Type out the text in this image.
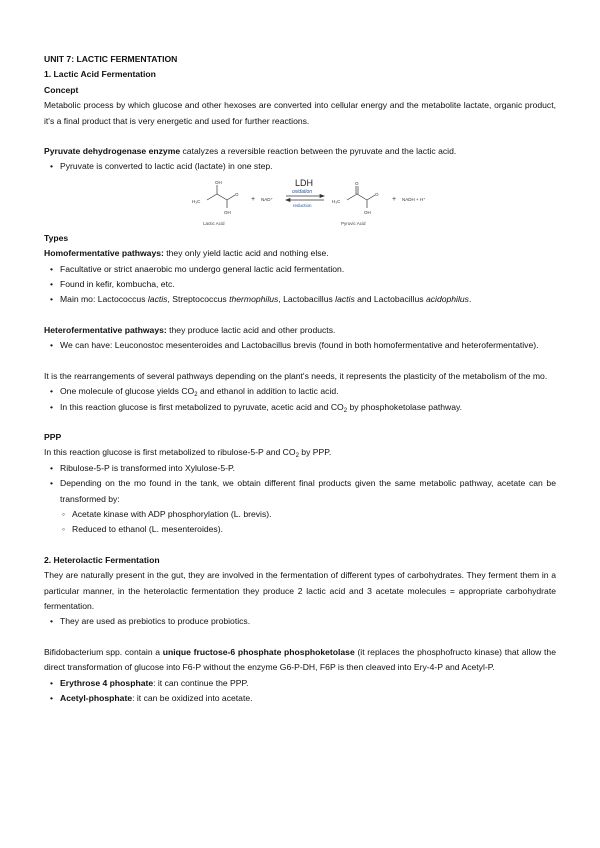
UNIT 7: LACTIC FERMENTATION

1. Lactic Acid Fermentation

Concept

Metabolic process by which glucose and other hexoses are converted into cellular energy and the metabolite lactate, organic product, it's a final product that is very energetic and used for further reactions.

Pyruvate dehydrogenase enzyme catalyzes a reversible reaction between the pyruvate and the lactic acid.

• Pyruvate is converted to lactic acid (lactate) in one step.
OH
H₃C
OH
O
Lactic Acid
+ NAD⁺
LDH
oxidation
reduction
H₃C
O
OH
O
Pyruvic Acid
+ NADH + H⁺

Types

Homofermentative pathways: they only yield lactic acid and nothing else.

• Facultative or strict anaerobic mo undergo general lactic acid fermentation.
• Found in kefir, kombucha, etc.
• Main mo: Lactococcus lactis, Streptococcus thermophilus, Lactobacillus lactis and Lactobacillus acidophilus.

Heterofermentative pathways: they produce lactic acid and other products.

• We can have: Leuconostoc mesenteroides and Lactobacillus brevis (found in both homofermentative and heterofermentative).

It is the rearrangements of several pathways depending on the plant's needs, it represents the plasticity of the metabolism of the mo.

• One molecule of glucose yields $CO_2$ and ethanol in addition to lactic acid.
• In this reaction glucose is first metabolized to pyruvate, acetic acid and $CO_2$ by phosphoketolase pathway.

PPP

In this reaction glucose is first metabolized to ribulose-5-P and $CO_2$ by PPP.

• Ribulose-5-P is transformed into Xylulose-5-P.
• Depending on the mo found in the tank, we obtain different final products given the same metabolic pathway, acetate can be transformed by:
◦ Acetate kinase with ADP phosphorylation (L. brevis).
◦ Reduced to ethanol (L. mesenteroides).

2. Heterolactic Fermentation

They are naturally present in the gut, they are involved in the fermentation of different types of carbohydrates. They ferment them in a particular manner, in the heterolactic fermentation they produce 2 lactic acid and 3 acetate molecules = appropriate carbohydrate fermentation.

• They are used as prebiotics to produce probiotics.

Bifidobacterium spp. contain a unique fructose-6 phosphate phosphoketolase (it replaces the phosphofructo kinase) that allow the direct transformation of glucose into F6-P without the enzyme G6-P-DH, F6P is then cleaved into Ery-4-P and Acetyl-P.

• Erythrose 4 phosphate: it can continue the PPP.
• Acetyl-phosphate: it can be oxidized into acetate.
